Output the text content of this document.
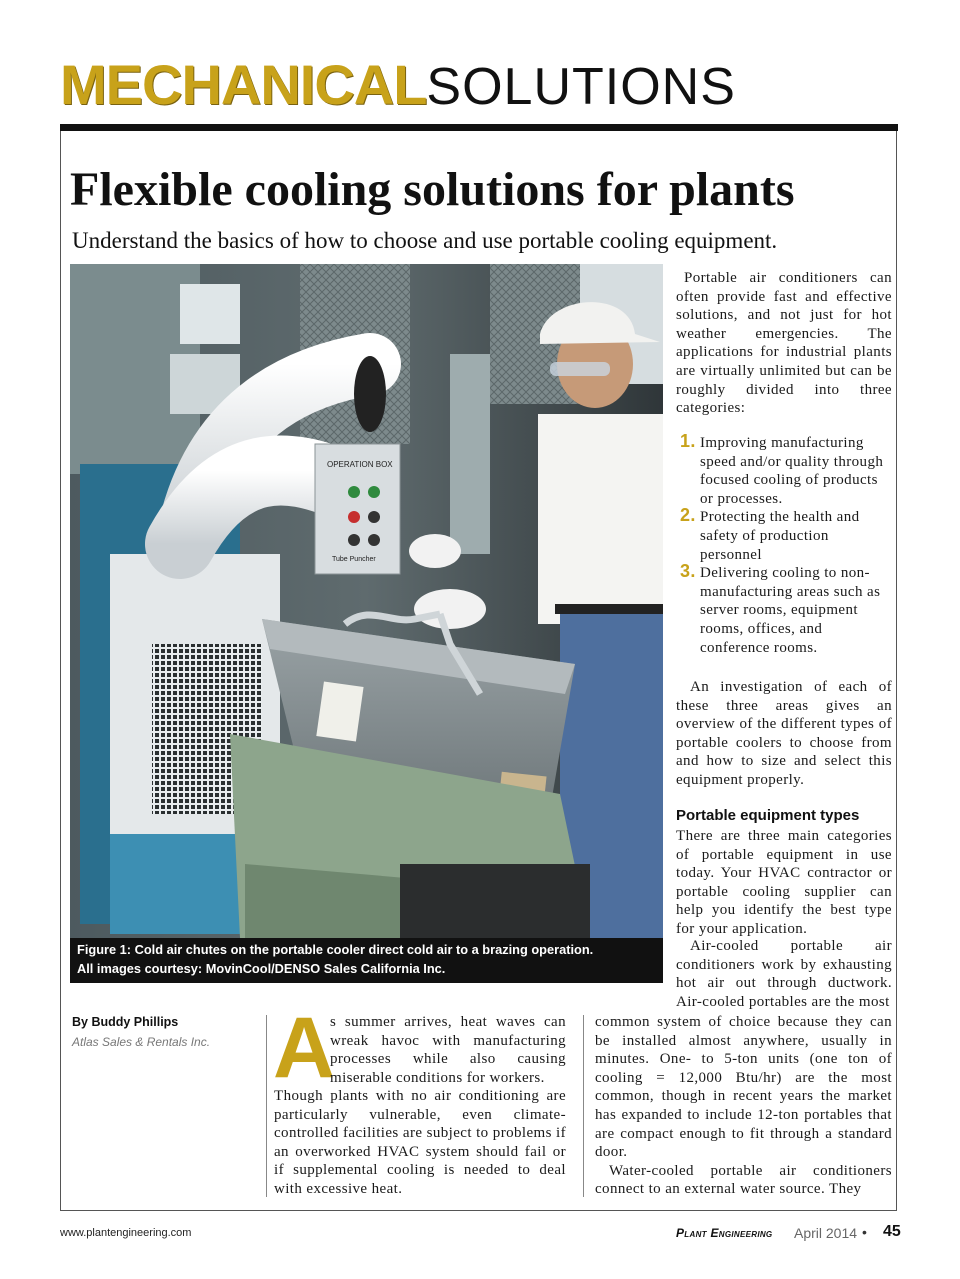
MECHANICALSOLUTIONS
Flexible cooling solutions for plants
Understand the basics of how to choose and use portable cooling equipment.
OPERATION BOX
Tube Puncher
Figure 1: Cold air chutes on the portable cooler direct cold air to a brazing operation.
All images courtesy: MovinCool/DENSO Sales California Inc.
Portable air conditioners can often provide fast and effective solutions, and not just for hot weather emergencies. The applications for industrial plants are virtually unlimited but can be roughly divided into three categories:
1. Improving manufacturing speed and/or quality through focused cooling of products or processes.
2. Protecting the health and safety of production personnel
3. Delivering cooling to non-manufacturing areas such as server rooms, equipment rooms, offices, and conference rooms.
An investigation of each of these three areas gives an overview of the different types of portable coolers to choose from and how to size and select this equipment properly.
Portable equipment types
There are three main categories of portable equipment in use today. Your HVAC contractor or portable cooling supplier can help you identify the best type for your application.
Air-cooled portable air conditioners work by exhausting hot air out through ductwork. Air-cooled portables are the most
common system of choice because they can be installed almost anywhere, usually in minutes. One- to 5-ton units (one ton of cooling = 12,000 Btu/hr) are the most common, though in recent years the market has expanded to include 12-ton portables that are compact enough to fit through a standard door.
Water-cooled portable air conditioners connect to an external water source. They
By Buddy Phillips
Atlas Sales & Rentals Inc. A
s summer arrives, heat waves can wreak havoc with manufacturing processes while also causing miserable conditions for workers.
Though plants with no air conditioning are particularly vulnerable, even climate-controlled facilities are subject to problems if an overworked HVAC system should fail or if supplemental cooling is needed to deal with excessive heat.
www.plantengineering.com	Plant Engineering April 2014 • 45
